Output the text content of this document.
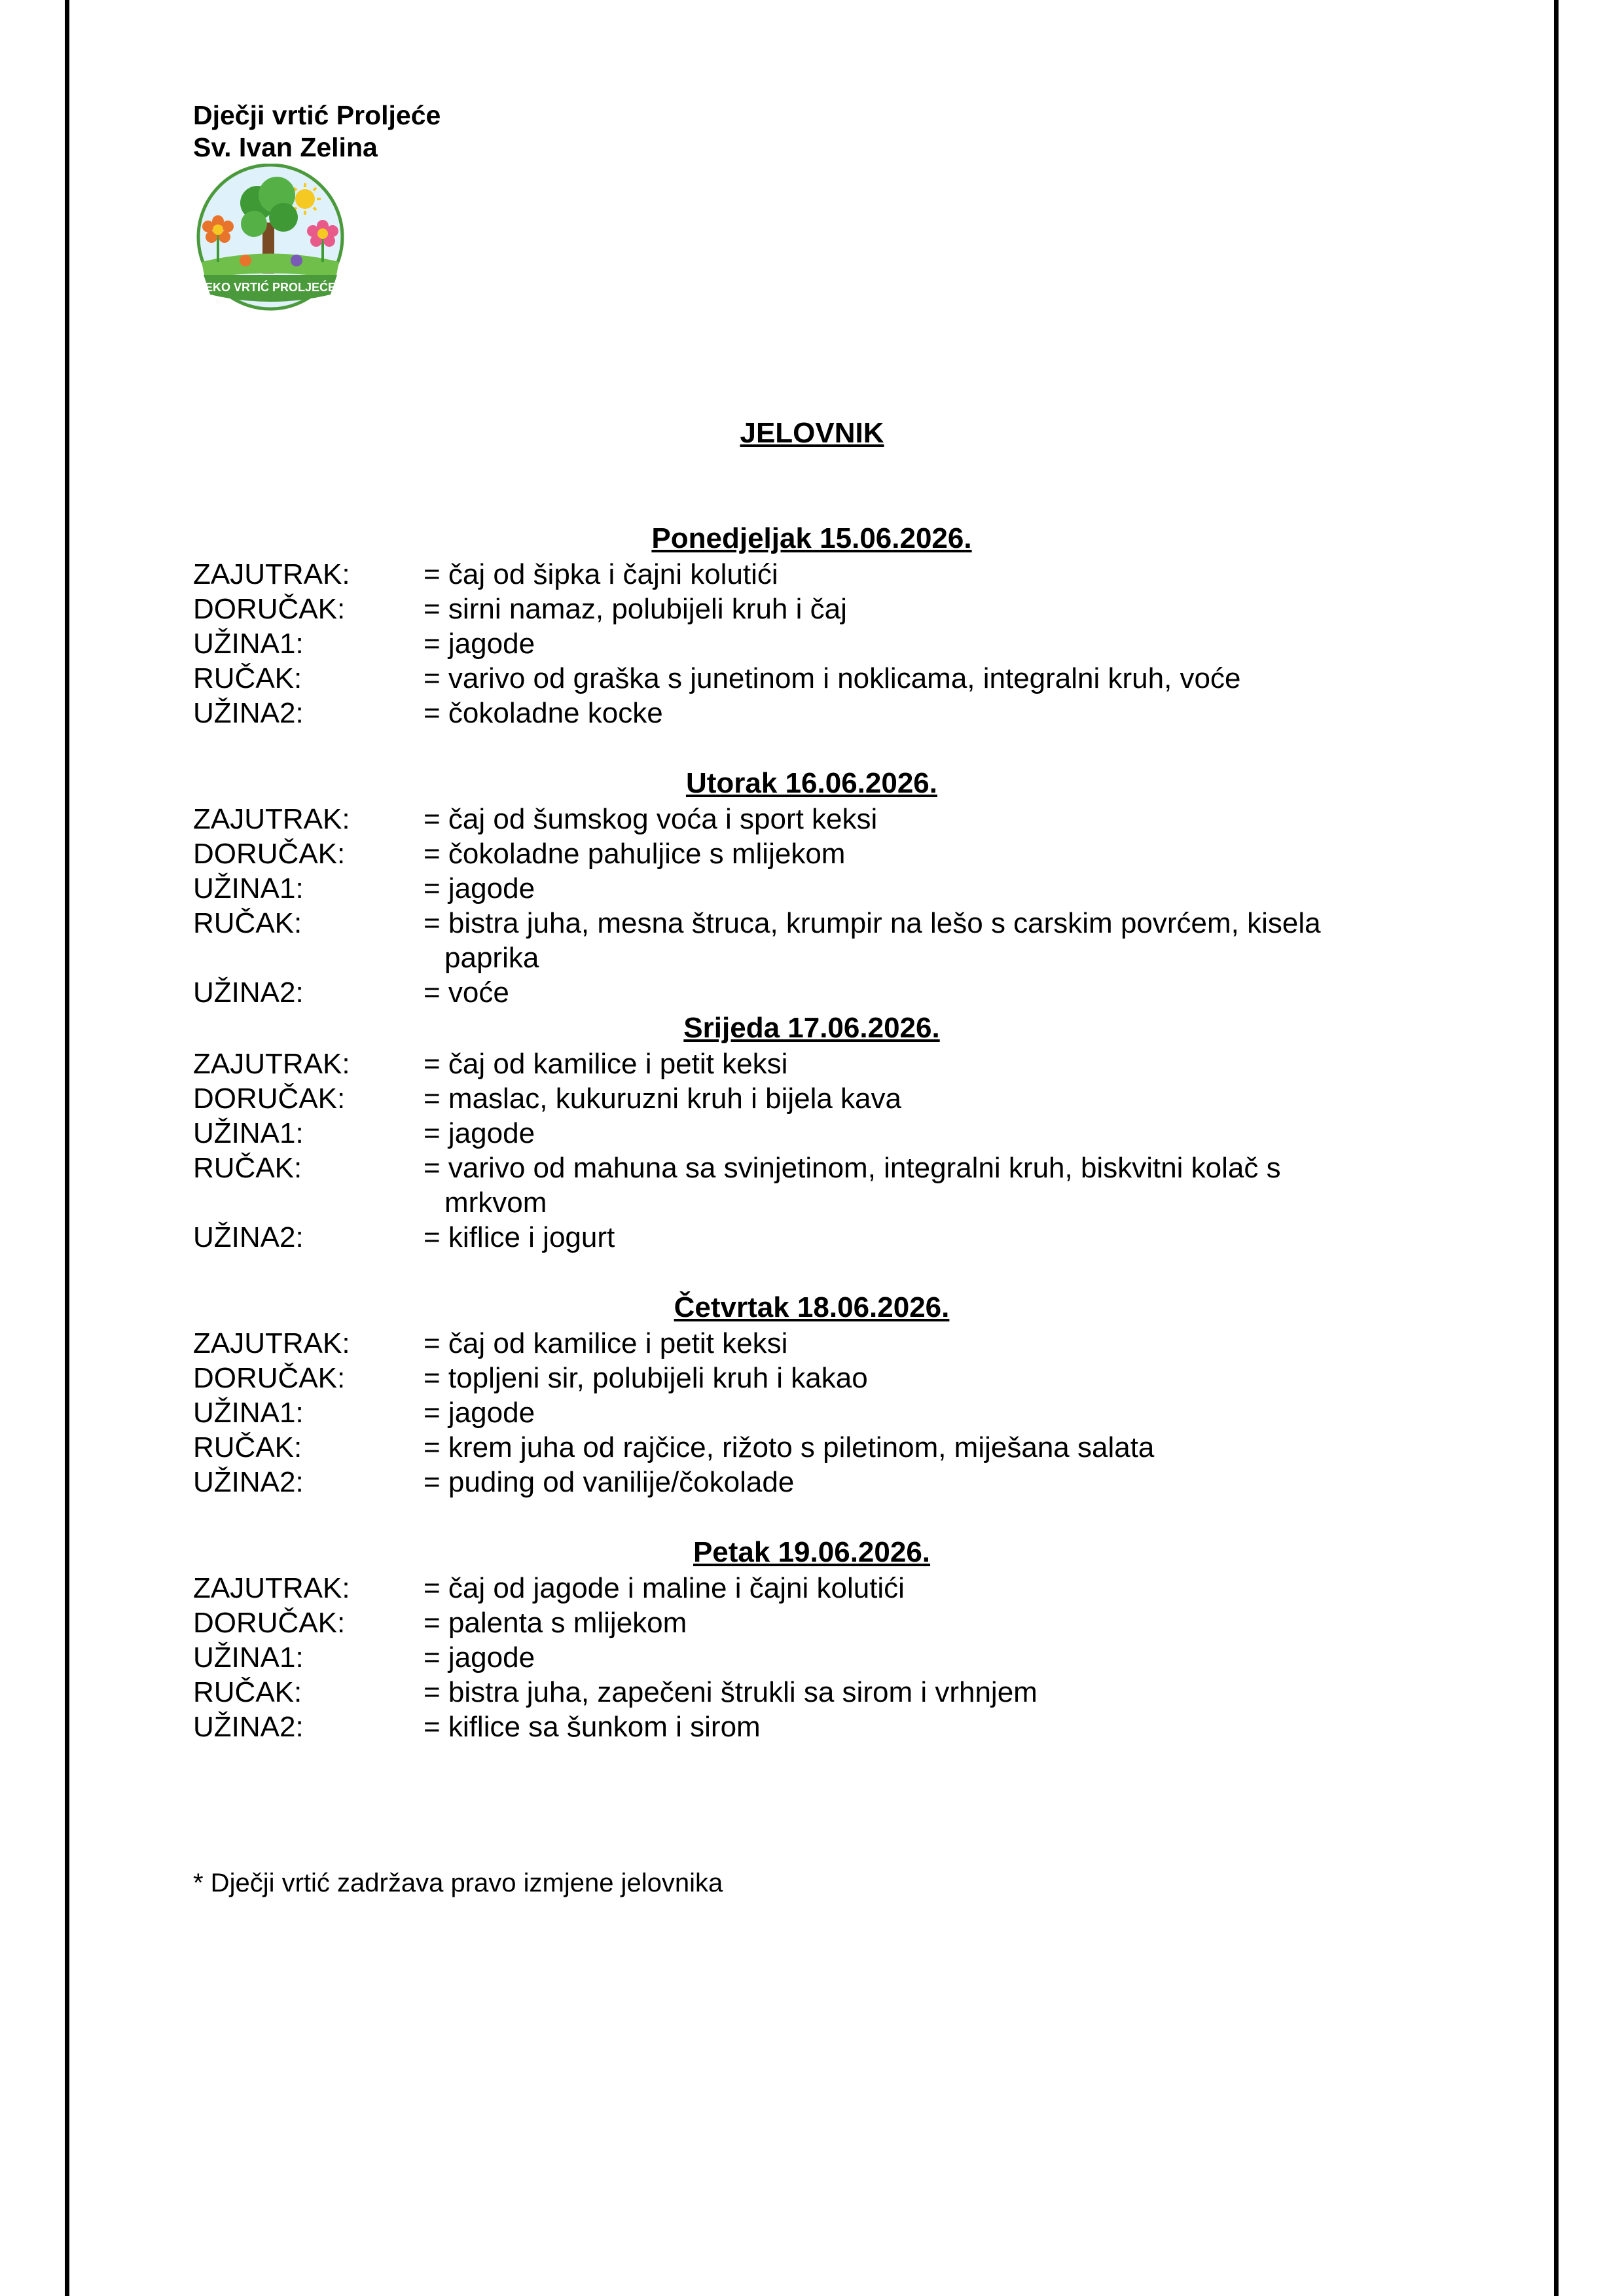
Dječji vrtić Proljeće
Sv. Ivan Zelina
EKO VRTIĆ PROLJEĆE
JELOVNIK
Ponedjeljak 15.06.2026.
ZAJUTRAK:	= čaj od šipka i čajni kolutići
DORUČAK:	= sirni namaz, polubijeli kruh i čaj
UŽINA1:	= jagode
RUČAK:	= varivo od graška s junetinom i noklicama, integralni kruh, voće
UŽINA2:	= čokoladne kocke
Utorak 16.06.2026.
ZAJUTRAK:	= čaj od šumskog voća i sport keksi
DORUČAK:	= čokoladne pahuljice s mlijekom
UŽINA1:	= jagode
RUČAK:	= bistra juha, mesna štruca, krumpir na lešo s carskim povrćem, kisela
paprika
UŽINA2:	= voće
Srijeda 17.06.2026.
ZAJUTRAK:	= čaj od kamilice i petit keksi
DORUČAK:	= maslac, kukuruzni kruh i bijela kava
UŽINA1:	= jagode
RUČAK:	= varivo od mahuna sa svinjetinom, integralni kruh, biskvitni kolač s
mrkvom
UŽINA2:	= kiflice i jogurt
Četvrtak 18.06.2026.
ZAJUTRAK:	= čaj od kamilice i petit keksi
DORUČAK:	= topljeni sir, polubijeli kruh i kakao
UŽINA1:	= jagode
RUČAK:	= krem juha od rajčice, rižoto s piletinom, miješana salata
UŽINA2:	= puding od vanilije/čokolade
Petak 19.06.2026.
ZAJUTRAK:	= čaj od jagode i maline i čajni kolutići
DORUČAK:	= palenta s mlijekom
UŽINA1:	= jagode
RUČAK:	= bistra juha, zapečeni štrukli sa sirom i vrhnjem
UŽINA2:	= kiflice sa šunkom i sirom
* Dječji vrtić zadržava pravo izmjene jelovnika
